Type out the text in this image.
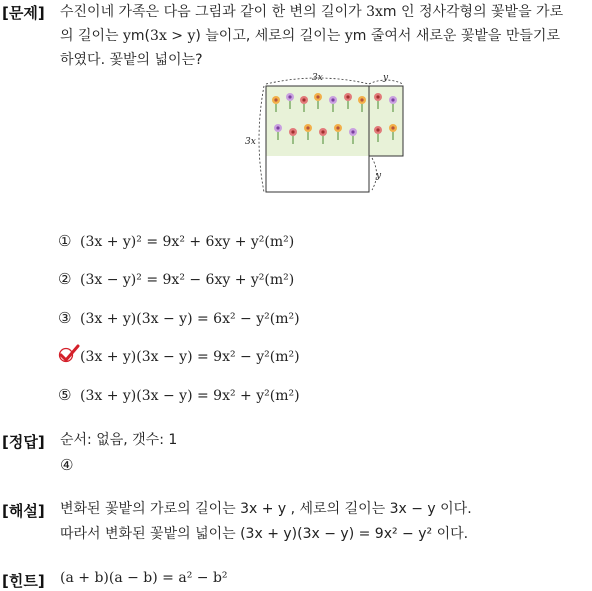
[문제] 수진이네 가족은 다음 그림과 같이 한 변의 길이가 3xm 인 정사각형의 꽃밭을 가로
의 길이는 ym(3x > y) 늘이고, 세로의 길이는 ym 줄여서 새로운 꽃밭을 만들기로
하였다. 꽃밭의 넓이는?
3x	y
3x
y
① (3x + y)² = 9x² + 6xy + y²(m²)
② (3x − y)² = 9x² − 6xy + y²(m²)
③ (3x + y)(3x − y) = 6x² − y²(m²)
(3x + y)(3x − y) = 9x² − y²(m²)
⑤ (3x + y)(3x − y) = 9x² + y²(m²)
[정답] 순서: 없음, 갯수: 1
④
[해설] 변화된 꽃밭의 가로의 길이는 3x + y , 세로의 길이는 3x − y 이다.
따라서 변화된 꽃밭의 넓이는 (3x + y)(3x − y) = 9x² − y² 이다.
[힌트] (a + b)(a − b) = a² − b²
